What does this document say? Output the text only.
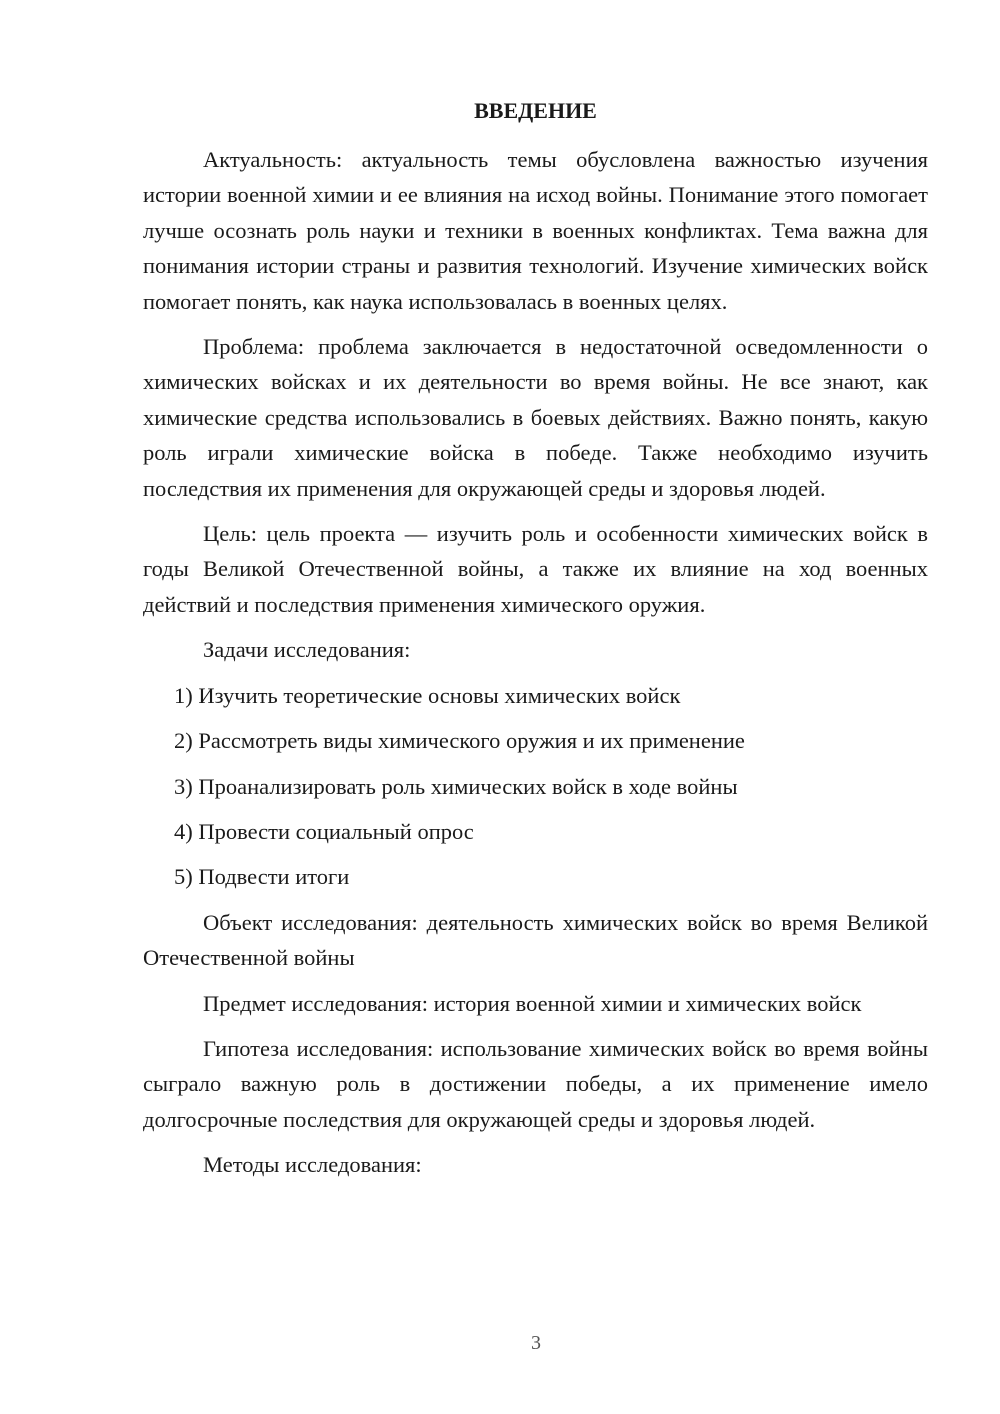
ВВЕДЕНИЕ

Актуальность: актуальность темы обусловлена важностью изучения истории военной химии и ее влияния на исход войны. Понимание этого помогает лучше осознать роль науки и техники в военных конфликтах. Тема важна для понимания истории страны и развития технологий. Изучение химических войск помогает понять, как наука использовалась в военных целях.

Проблема: проблема заключается в недостаточной осведомленности о химических войсках и их деятельности во время войны. Не все знают, как химические средства использовались в боевых действиях. Важно понять, какую роль играли химические войска в победе. Также необходимо изучить последствия их применения для окружающей среды и здоровья людей.

Цель: цель проекта — изучить роль и особенности химических войск в годы Великой Отечественной войны, а также их влияние на ход военных действий и последствия применения химического оружия.

Задачи исследования:

1) Изучить теоретические основы химических войск
2) Рассмотреть виды химического оружия и их применение
3) Проанализировать роль химических войск в ходе войны
4) Провести социальный опрос
5) Подвести итоги

Объект исследования: деятельность химических войск во время Великой Отечественной войны

Предмет исследования: история военной химии и химических войск

Гипотеза исследования: использование химических войск во время войны сыграло важную роль в достижении победы, а их применение имело долгосрочные последствия для окружающей среды и здоровья людей.

Методы исследования:

3
